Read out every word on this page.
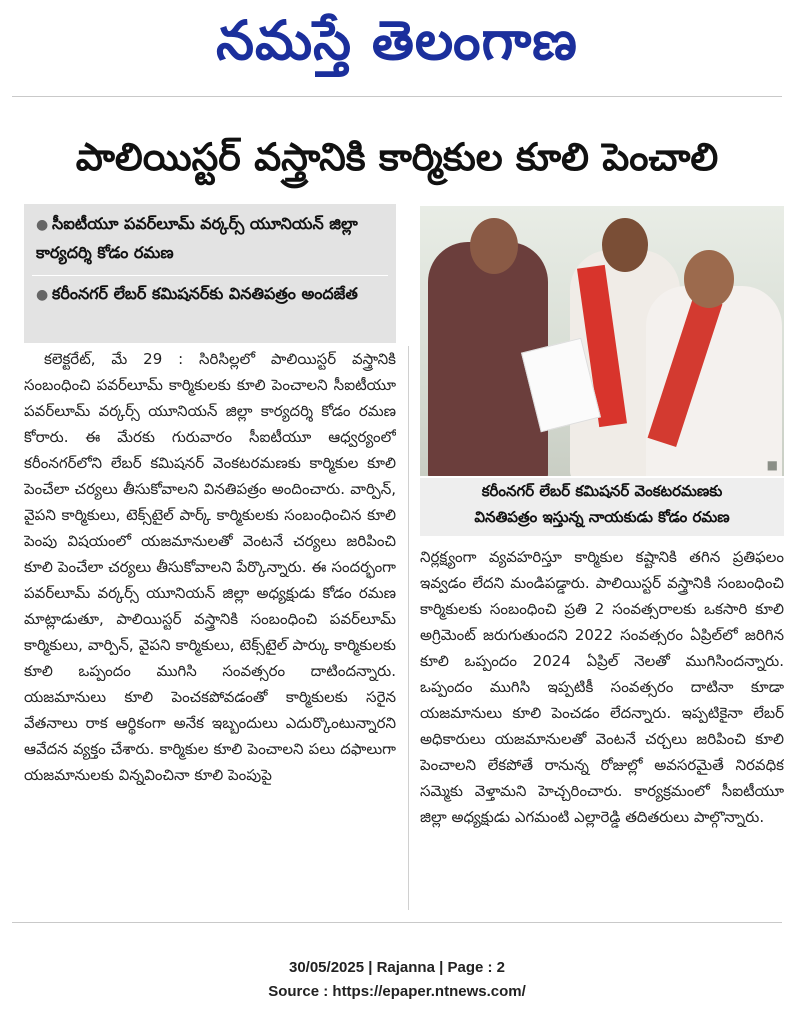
నమస్తే తెలంగాణ
పాలియిస్టర్ వస్త్రానికి కార్మికుల కూలి పెంచాలి
● సీఐటీయూ పవర్‌లూమ్ వర్కర్స్ యూనియన్ జిల్లా కార్యదర్శి కోడం రమణ
● కరీంనగర్ లేబర్ కమిషనర్‌కు వినతిపత్రం అందజేత
■
కరీంనగర్ లేబర్ కమిషనర్ వెంకటరమణకు
వినతిపత్రం ఇస్తున్న నాయకుడు కోడం రమణ

కలెక్టరేట్, మే 29 : సిరిసిల్లలో పాలియిస్టర్ వస్త్రానికి సంబంధించి పవర్‌లూమ్ కార్మికులకు కూలి పెంచాలని సీఐటీయూ పవర్‌లూమ్ వర్కర్స్ యూనియన్ జిల్లా కార్యదర్శి కోడం రమణ కోరారు. ఈ మేరకు గురువారం సీఐటీయూ ఆధ్వర్యంలో కరీంనగర్‌లోని లేబర్ కమిషనర్ వెంకటరమణకు కార్మికుల కూలి పెంచేలా చర్యలు తీసుకోవాలని వినతిపత్రం అందించారు. వార్పిన్, వైపని కార్మికులు, టెక్స్‌టైల్ పార్క్ కార్మికులకు సంబంధించిన కూలి పెంపు విషయంలో యజమానులతో వెంటనే చర్యలు జరిపించి కూలి పెంచేలా చర్యలు తీసుకోవాలని పేర్కొన్నారు. ఈ సందర్భంగా పవర్‌లూమ్ వర్కర్స్ యూనియన్ జిల్లా అధ్యక్షుడు కోడం రమణ మాట్లాడుతూ, పాలియిస్టర్ వస్త్రానికి సంబంధించి పవర్‌లూమ్ కార్మికులు, వార్పిన్, వైపని కార్మికులు, టెక్స్‌టైల్ పార్కు కార్మికులకు కూలి ఒప్పందం ముగిసి సంవత్సరం దాటిందన్నారు. యజమానులు కూలి పెంచకపోవడంతో కార్మికులకు సరైన వేతనాలు రాక ఆర్థికంగా అనేక ఇబ్బందులు ఎదుర్కొంటున్నారని ఆవేదన వ్యక్తం చేశారు. కార్మికుల కూలి పెంచాలని పలు దఫాలుగా యజమానులకు విన్నవించినా కూలి పెంపుపై

నిర్లక్ష్యంగా వ్యవహరిస్తూ కార్మికుల కష్టానికి తగిన ప్రతిఫలం ఇవ్వడం లేదని మండిపడ్డారు. పాలియిస్టర్ వస్త్రానికి సంబంధించి కార్మికులకు సంబంధించి ప్రతి 2 సంవత్సరాలకు ఒకసారి కూలి అగ్రిమెంట్ జరుగుతుందని 2022 సంవత్సరం ఏప్రిల్‌లో జరిగిన కూలి ఒప్పందం 2024 ఏప్రిల్ నెలతో ముగిసిందన్నారు. ఒప్పందం ముగిసి ఇప్పటికీ సంవత్సరం దాటినా కూడా యజమానులు కూలి పెంచడం లేదన్నారు. ఇప్పటికైనా లేబర్ అధికారులు యజమానులతో వెంటనే చర్చలు జరిపించి కూలి పెంచాలని లేకపోతే రానున్న రోజుల్లో అవసరమైతే నిరవధిక సమ్మెకు వెళ్తామని హెచ్చరించారు. కార్యక్రమంలో సీఐటీయూ జిల్లా అధ్యక్షుడు ఎగమంటి ఎల్లారెడ్డి తదితరులు పాల్గొన్నారు.

30/05/2025 | Rajanna | Page : 2
Source : https://epaper.ntnews.com/
